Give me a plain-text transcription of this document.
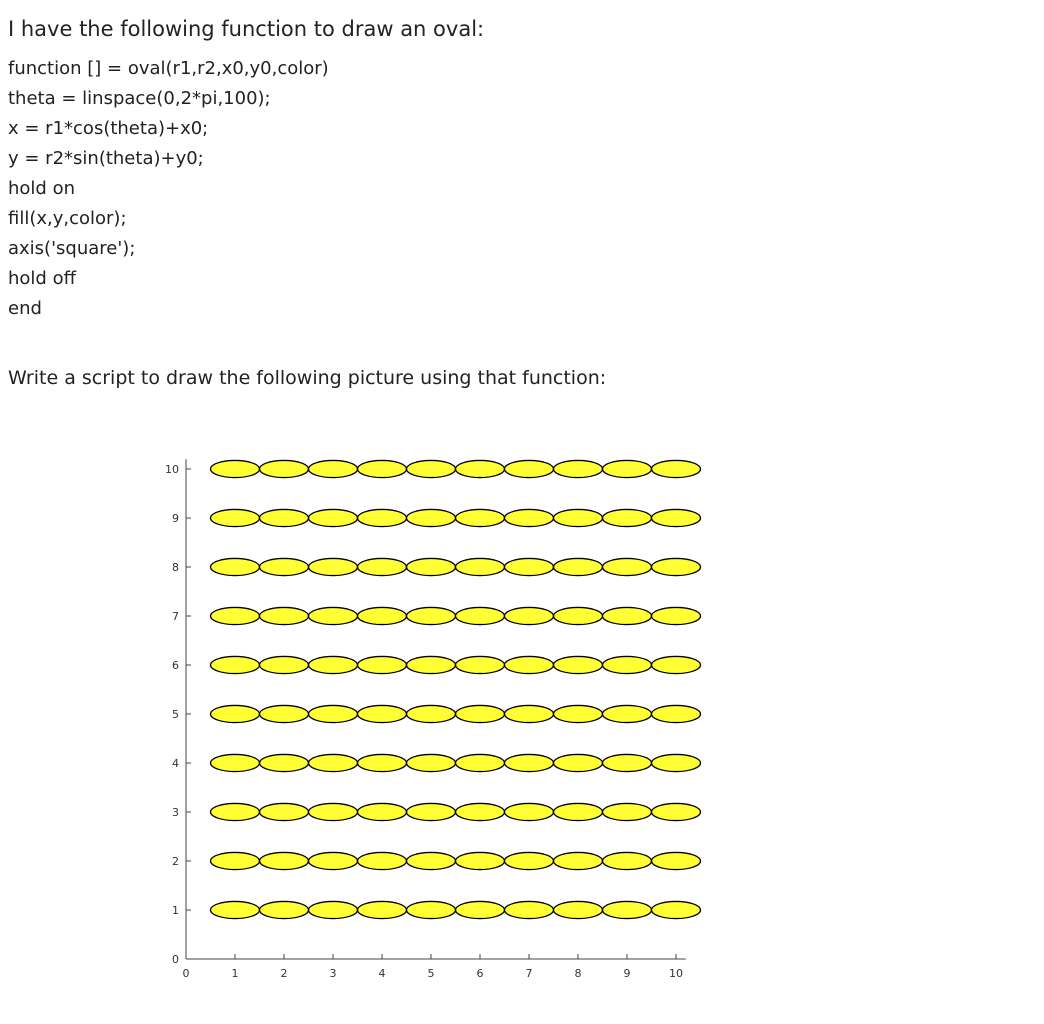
I have the following function to draw an oval:

function [] = oval(r1,r2,x0,y0,color)
theta = linspace(0,2*pi,100);
x = r1*cos(theta)+x0;
y = r2*sin(theta)+y0;
hold on
fill(x,y,color);
axis('square');
hold off
end

Write a script to draw the following picture using that function:

0	1	2	3	4	5	6	7	8	9	10
0
1
2
3
4
5
6
7
8
9
10
